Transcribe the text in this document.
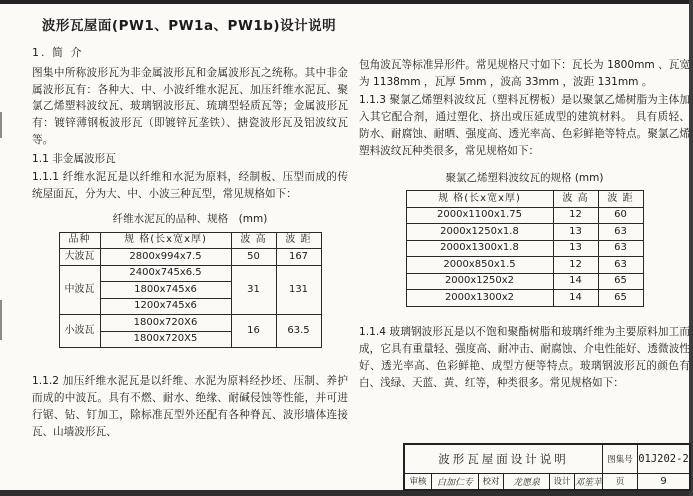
波形瓦屋面(PW1、PW1a、PW1b)设计说明
1. 简 介

图集中所称波形瓦为非金属波形瓦和金属波形瓦之统称。其中非金属波形瓦有：各种大、中、小波纤维水泥瓦、加压纤维水泥瓦、聚氯乙烯塑料波纹瓦、玻璃钢波形瓦、琉璃型轻质瓦等；金属波形瓦有：镀锌薄钢板波形瓦（即镀锌瓦垄铁）、搪瓷波形瓦及铝波纹瓦等。

1.1 非金属波形瓦

1.1.1 纤维水泥瓦是以纤维和水泥为原料，经制板、压型而成的传统屋面瓦，分为大、中、小波三种瓦型，常见规格如下：

纤维水泥瓦的品种、规格　(mm)
品种	规 格(长x宽x厚)	波 高	波 距
大波瓦	2800x994x7.5	50	167
中波瓦	2400x745x6.5	31	131
	1800x745x6		
	1200x745x6		
小波瓦	1800x720X6	16	63.5
	1800x720X5		

1.1.2 加压纤维水泥瓦是以纤维、水泥为原料经抄坯、压制、养护而成的中波瓦。具有不燃、耐水、绝缘、耐碱侵蚀等性能，并可进行锯、钻、钉加工，除标准瓦型外还配有各种脊瓦、波形墙体连接瓦、山墙波形瓦、

包角波瓦等标准异形件。常见规格尺寸如下：瓦长为 1800mm 、瓦宽为 1138mm ，瓦厚 5mm ，波高 33mm ，波距 131mm 。

1.1.3 聚氯乙烯塑料波纹瓦（塑料瓦楞板）是以聚氯乙烯树脂为主体加入其它配合剂，通过塑化、挤出或压延成型的建筑材料。 具有质轻、防水、耐腐蚀、耐晒、强度高、透光率高、色彩鲜艳等特点。聚氯乙烯塑料波纹瓦种类很多，常见规格如下：

聚氯乙烯塑料波纹瓦的规格 (mm)
规 格(长x宽x厚)	波 高	波 距
2000x1100x1.75	12	60
2000x1250x1.8	13	63
2000x1300x1.8	13	63
2000x850x1.5	12	63
2000x1250x2	14	65
2000x1300x2	14	65

1.1.4 玻璃钢波形瓦是以不饱和聚酯树脂和玻璃纤维为主要原料加工而成，它具有重量轻、强度高、耐冲击、耐腐蚀、介电性能好、透微波性好、透光率高、色彩鲜艳、成型方便等特点。玻璃钢波形瓦的颜色有白、浅绿、天蓝、黄、红等，种类很多。常见规格如下：

波形瓦屋面设计说明	图集号 01J202-2
审核	白加仁专	校对	龙愿泉	设计 邓笙苹	页	9
